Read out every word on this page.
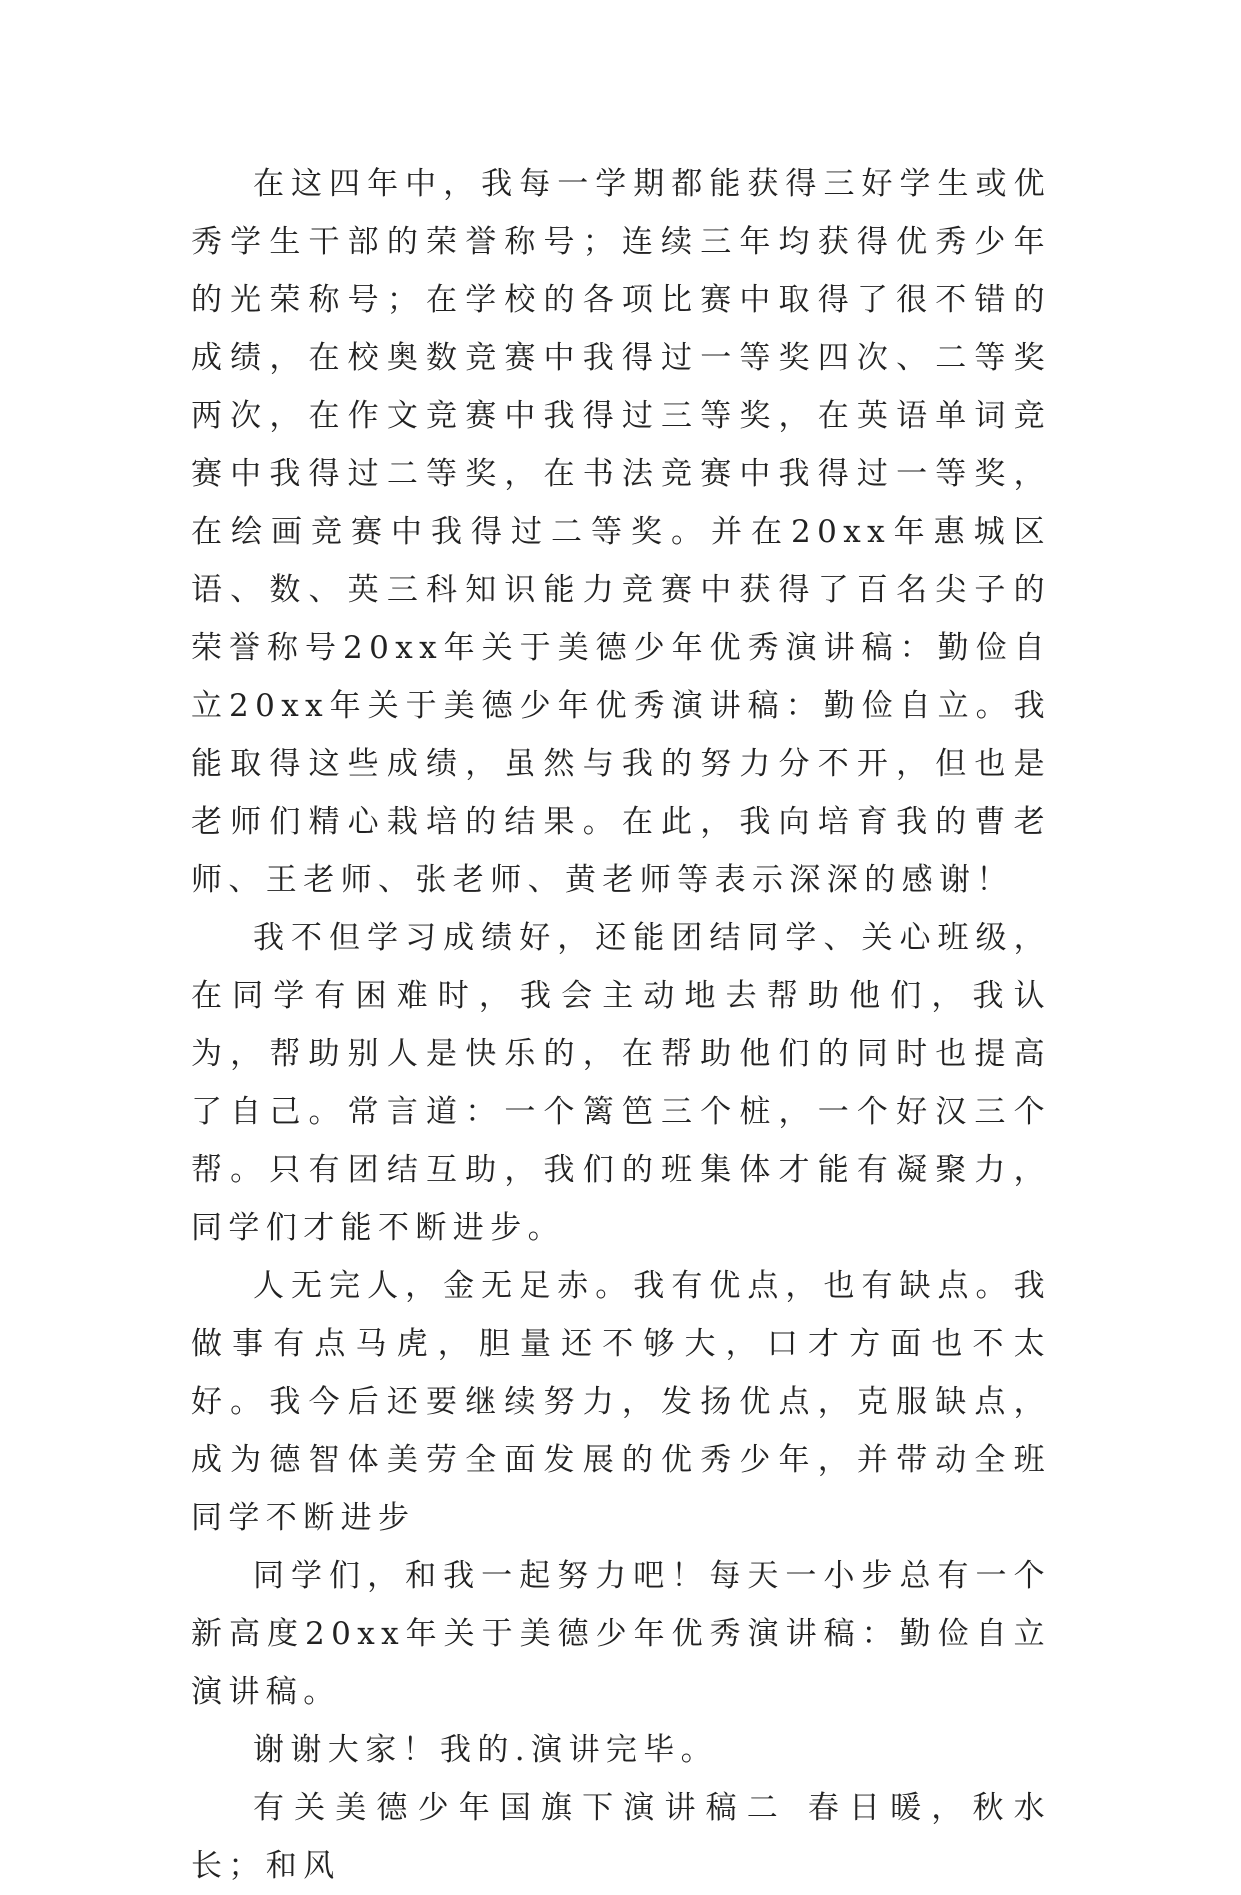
在这四年中，我每一学期都能获得三好学生或优秀学生干部的荣誉称号；连续三年均获得优秀少年的光荣称号；在学校的各项比赛中取得了很不错的成绩，在校奥数竞赛中我得过一等奖四次、二等奖两次，在作文竞赛中我得过三等奖，在英语单词竞赛中我得过二等奖，在书法竞赛中我得过一等奖，在绘画竞赛中我得过二等奖。并在20xx年惠城区语、数、英三科知识能力竞赛中获得了百名尖子的荣誉称号20xx年关于美德少年优秀演讲稿：勤俭自立20xx年关于美德少年优秀演讲稿：勤俭自立。我能取得这些成绩，虽然与我的努力分不开，但也是老师们精心栽培的结果。在此，我向培育我的曹老师、王老师、张老师、黄老师等表示深深的感谢！

我不但学习成绩好，还能团结同学、关心班级，在同学有困难时，我会主动地去帮助他们，我认为，帮助别人是快乐的，在帮助他们的同时也提高了自己。常言道：一个篱笆三个桩，一个好汉三个帮。只有团结互助，我们的班集体才能有凝聚力，同学们才能不断进步。

人无完人，金无足赤。我有优点，也有缺点。我做事有点马虎，胆量还不够大，口才方面也不太好。我今后还要继续努力，发扬优点，克服缺点，成为德智体美劳全面发展的优秀少年，并带动全班同学不断进步

同学们，和我一起努力吧！每天一小步总有一个新高度20xx年关于美德少年优秀演讲稿：勤俭自立演讲稿。

谢谢大家！我的.演讲完毕。

有关美德少年国旗下演讲稿二 春日暖，秋水长；和风
